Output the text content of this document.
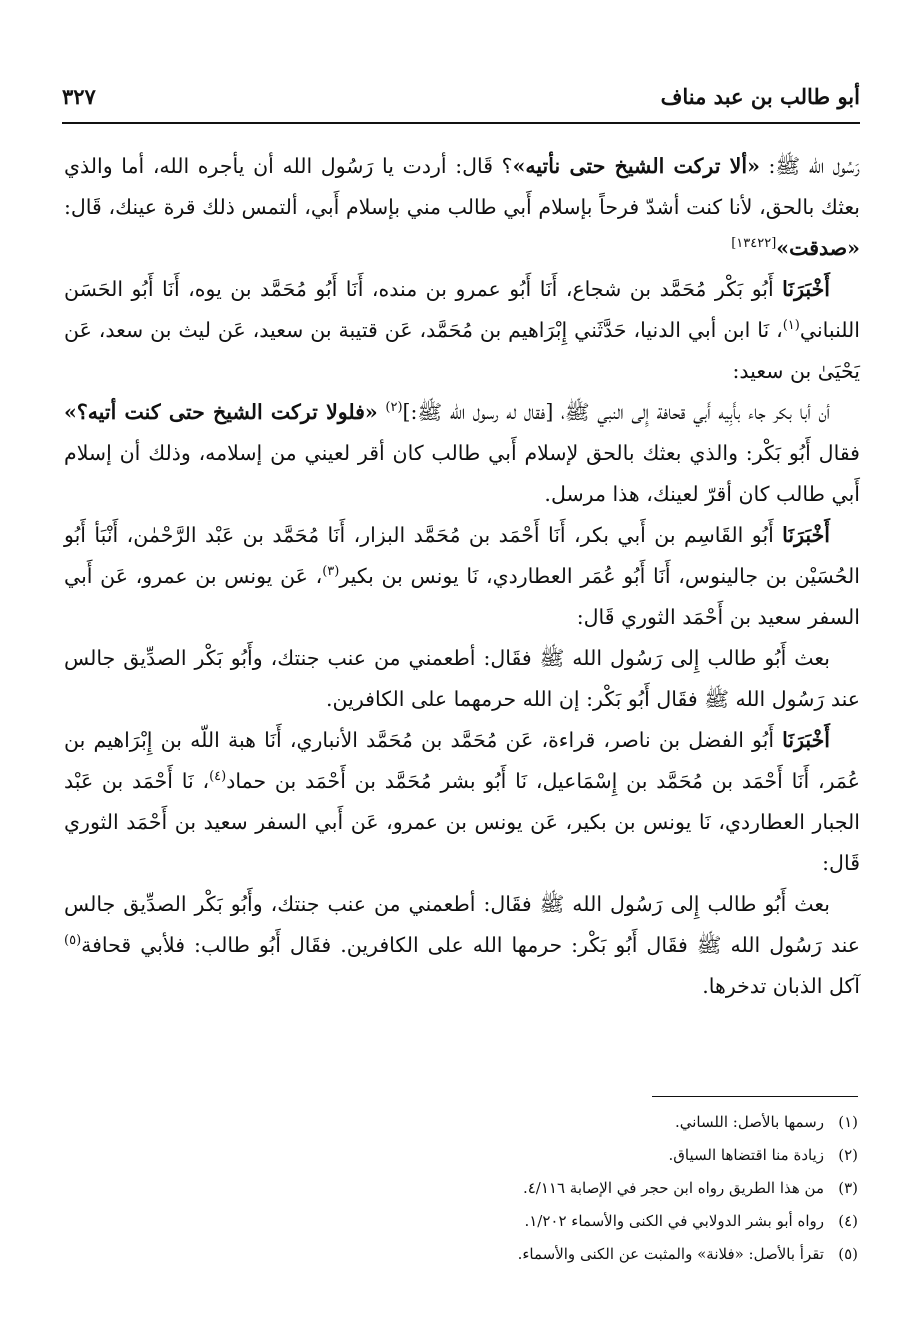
أبو طالب بن عبد مناف
٣٢٧

رَسُول الله ﷺ: «ألا تركت الشيخ حتى نأتيه»؟ قَال: أردت يا رَسُول الله أن يأجره الله، أما والذي بعثك بالحق، لأنا كنت أشدّ فرحاً بإسلام أَبي طالب مني بإسلام أَبي، ألتمس ذلك قرة عينك، قَال: «صدقت»[١٣٤٢٢]

أَخْبَرَنَا أَبُو بَكْر مُحَمَّد بن شجاع، أَنَا أَبُو عمرو بن منده، أَنَا أَبُو مُحَمَّد بن يوه، أَنَا أَبُو الحَسَن اللنباني$^{(١)}$، نَا ابن أبي الدنيا، حَدَّثَني إِبْرَاهيم بن مُحَمَّد، عَن قتيبة بن سعيد، عَن ليث بن سعد، عَن يَحْيَىٰ بن سعيد:

أن أبا بكر جاء بأَبِيه أَبي قحافة إِلى النبي ﷺ، [فقال له رسول الله ﷺ:]$^{(٢)}$ «فلولا تركت الشيخ حتى كنت أتيه؟» فقال أَبُو بَكْر: والذي بعثك بالحق لإسلام أَبي طالب كان أقر لعيني من إسلامه، وذلك أن إسلام أَبي طالب كان أقرّ لعينك، هذا مرسل.

أَخْبَرَنَا أَبُو القَاسِم بن أَبي بكر، أَنَا أَحْمَد بن مُحَمَّد البزار، أَنَا مُحَمَّد بن عَبْد الرَّحْمٰن، أَنْبَأ أَبُو الحُسَيْن بن جالينوس، أَنَا أَبُو عُمَر العطاردي، نَا يونس بن بكير$^{(٣)}$، عَن يونس بن عمرو، عَن أَبي السفر سعيد بن أَحْمَد الثوري قَال:

بعث أَبُو طالب إِلى رَسُول الله ﷺ فقَال: أطعمني من عنب جنتك، وأَبُو بَكْر الصدِّيق جالس عند رَسُول الله ﷺ فقَال أَبُو بَكْر: إن الله حرمهما على الكافرين.

أَخْبَرَنَا أَبُو الفضل بن ناصر، قراءة، عَن مُحَمَّد بن مُحَمَّد الأنباري، أَنَا هبة اللّه بن إِبْرَاهيم بن عُمَر، أَنَا أَحْمَد بن مُحَمَّد بن إِسْمَاعيل، نَا أَبُو بشر مُحَمَّد بن أَحْمَد بن حماد$^{(٤)}$، نَا أَحْمَد بن عَبْد الجبار العطاردي، نَا يونس بن بكير، عَن يونس بن عمرو، عَن أَبي السفر سعيد بن أَحْمَد الثوري قَال:

بعث أَبُو طالب إِلى رَسُول الله ﷺ فقَال: أطعمني من عنب جنتك، وأَبُو بَكْر الصدِّيق جالس عند رَسُول الله ﷺ فقَال أَبُو بَكْر: حرمها الله على الكافرين. فقَال أَبُو طالب: فلأبي قحافة$^{(٥)}$ آكل الذبان تدخرها.

(١)رسمها بالأصل: اللساني.

(٢)زيادة منا اقتضاها السياق.

(٣)من هذا الطريق رواه ابن حجر في الإصابة ٤/١١٦.

(٤)رواه أبو بشر الدولابي في الكنى والأسماء ١/٢٠٢.

(٥)تقرأ بالأصل: «فلانة» والمثبت عن الكنى والأسماء.
